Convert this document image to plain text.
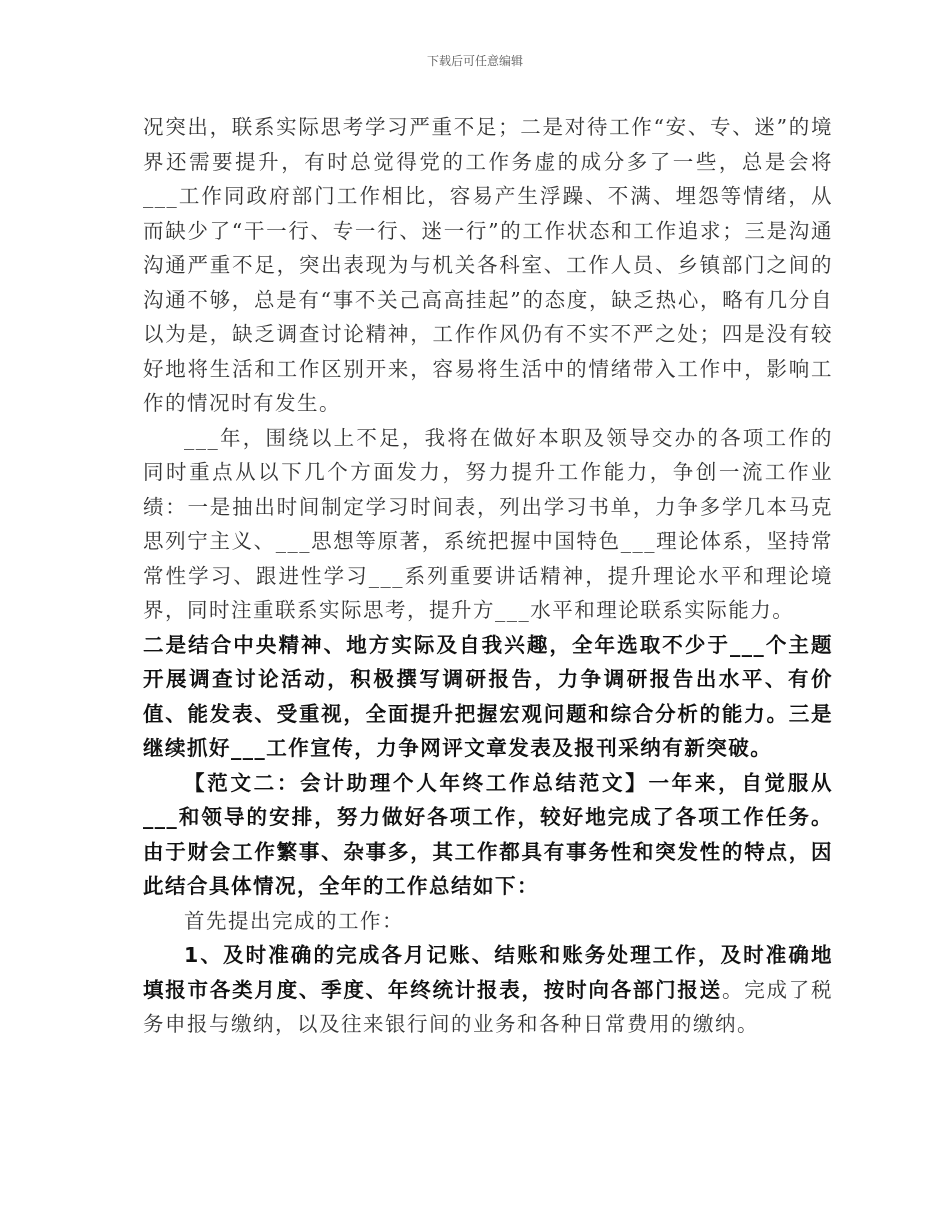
下载后可任意编辑

况突出，联系实际思考学习严重不足；二是对待工作“安、专、迷”的境界还需要提升，有时总觉得党的工作务虚的成分多了一些，总是会将___工作同政府部门工作相比，容易产生浮躁、不满、埋怨等情绪，从而缺少了“干一行、专一行、迷一行”的工作状态和工作追求；三是沟通沟通严重不足，突出表现为与机关各科室、工作人员、乡镇部门之间的沟通不够，总是有“事不关己高高挂起”的态度，缺乏热心，略有几分自以为是，缺乏调查讨论精神，工作作风仍有不实不严之处；四是没有较好地将生活和工作区别开来，容易将生活中的情绪带入工作中，影响工作的情况时有发生。

___年，围绕以上不足，我将在做好本职及领导交办的各项工作的同时重点从以下几个方面发力，努力提升工作能力，争创一流工作业绩：一是抽出时间制定学习时间表，列出学习书单，力争多学几本马克思列宁主义、___思想等原著，系统把握中国特色___理论体系，坚持常常性学习、跟进性学习___系列重要讲话精神，提升理论水平和理论境界，同时注重联系实际思考，提升方___水平和理论联系实际能力。

二是结合中央精神、地方实际及自我兴趣，全年选取不少于___个主题开展调查讨论活动，积极撰写调研报告，力争调研报告出水平、有价值、能发表、受重视，全面提升把握宏观问题和综合分析的能力。三是继续抓好___工作宣传，力争网评文章发表及报刊采纳有新突破。

【范文二：会计助理个人年终工作总结范文】一年来，自觉服从___和领导的安排，努力做好各项工作，较好地完成了各项工作任务。由于财会工作繁事、杂事多，其工作都具有事务性和突发性的特点，因此结合具体情况，全年的工作总结如下：

首先提出完成的工作：

1、及时准确的完成各月记账、结账和账务处理工作，及时准确地填报市各类月度、季度、年终统计报表，按时向各部门报送。完成了税务申报与缴纳，以及往来银行间的业务和各种日常费用的缴纳。
